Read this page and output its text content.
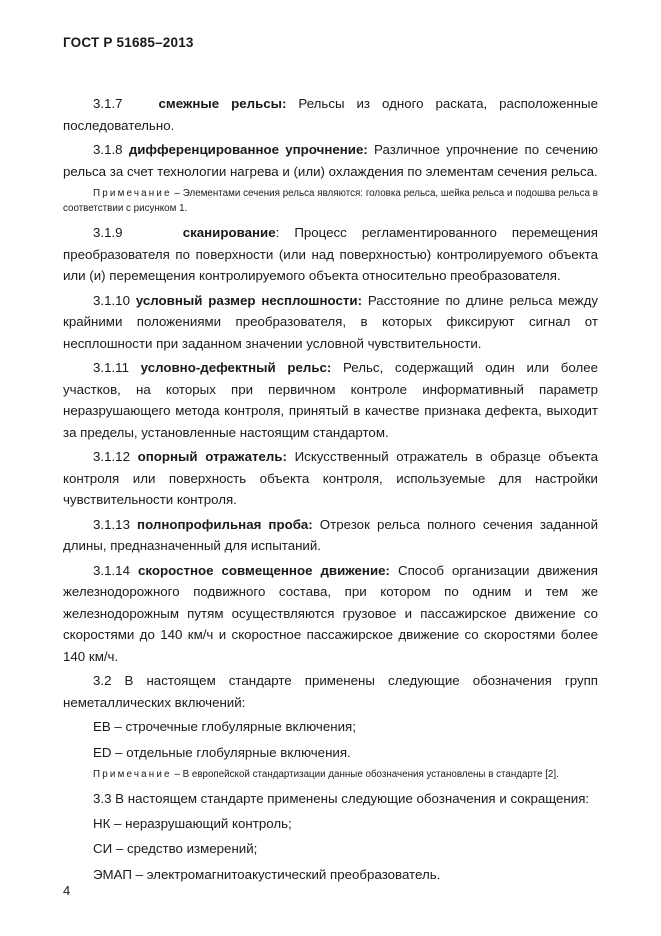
ГОСТ Р 51685–2013

3.1.7	смежные рельсы: Рельсы из одного раската, расположенные последовательно.

3.1.8 дифференцированное упрочнение: Различное упрочнение по сечению рельса за счет технологии нагрева и (или) охлаждения по элементам сечения рельса.

Примечание – Элементами сечения рельса являются: головка рельса, шейка рельса и подошва рельса в соответствии с рисунком 1.

3.1.9	сканирование: Процесс регламентированного перемещения преобразователя по поверхности (или над поверхностью) контролируемого объекта или (и) перемещения контролируемого объекта относительно преобразователя.

3.1.10 условный размер несплошности: Расстояние по длине рельса между крайними положениями преобразователя, в которых фиксируют сигнал от несплошности при заданном значении условной чувствительности.

3.1.11 условно-дефектный рельс: Рельс, содержащий один или более участков, на которых при первичном контроле информативный параметр неразрушающего метода контроля, принятый в качестве признака дефекта, выходит за пределы, установленные настоящим стандартом.

3.1.12 опорный отражатель: Искусственный отражатель в образце объекта контроля или поверхность объекта контроля, используемые для настройки чувствительности контроля.

3.1.13 полнопрофильная проба: Отрезок рельса полного сечения заданной длины, предназначенный для испытаний.

3.1.14 скоростное совмещенное движение: Способ организации движения железнодорожного подвижного состава, при котором по одним и тем же железнодорожным путям осуществляются грузовое и пассажирское движение со скоростями до 140 км/ч и скоростное пассажирское движение со скоростями более 140 км/ч.

3.2 В настоящем стандарте применены следующие обозначения групп неметаллических включений:

ЕВ – строчечные глобулярные включения;

ED – отдельные глобулярные включения.

Примечание – В европейской стандартизации данные обозначения установлены в стандарте [2].

3.3 В настоящем стандарте применены следующие обозначения и сокращения:

НК – неразрушающий контроль;

СИ – средство измерений;

ЭМАП – электромагнитоакустический преобразователь.

4
